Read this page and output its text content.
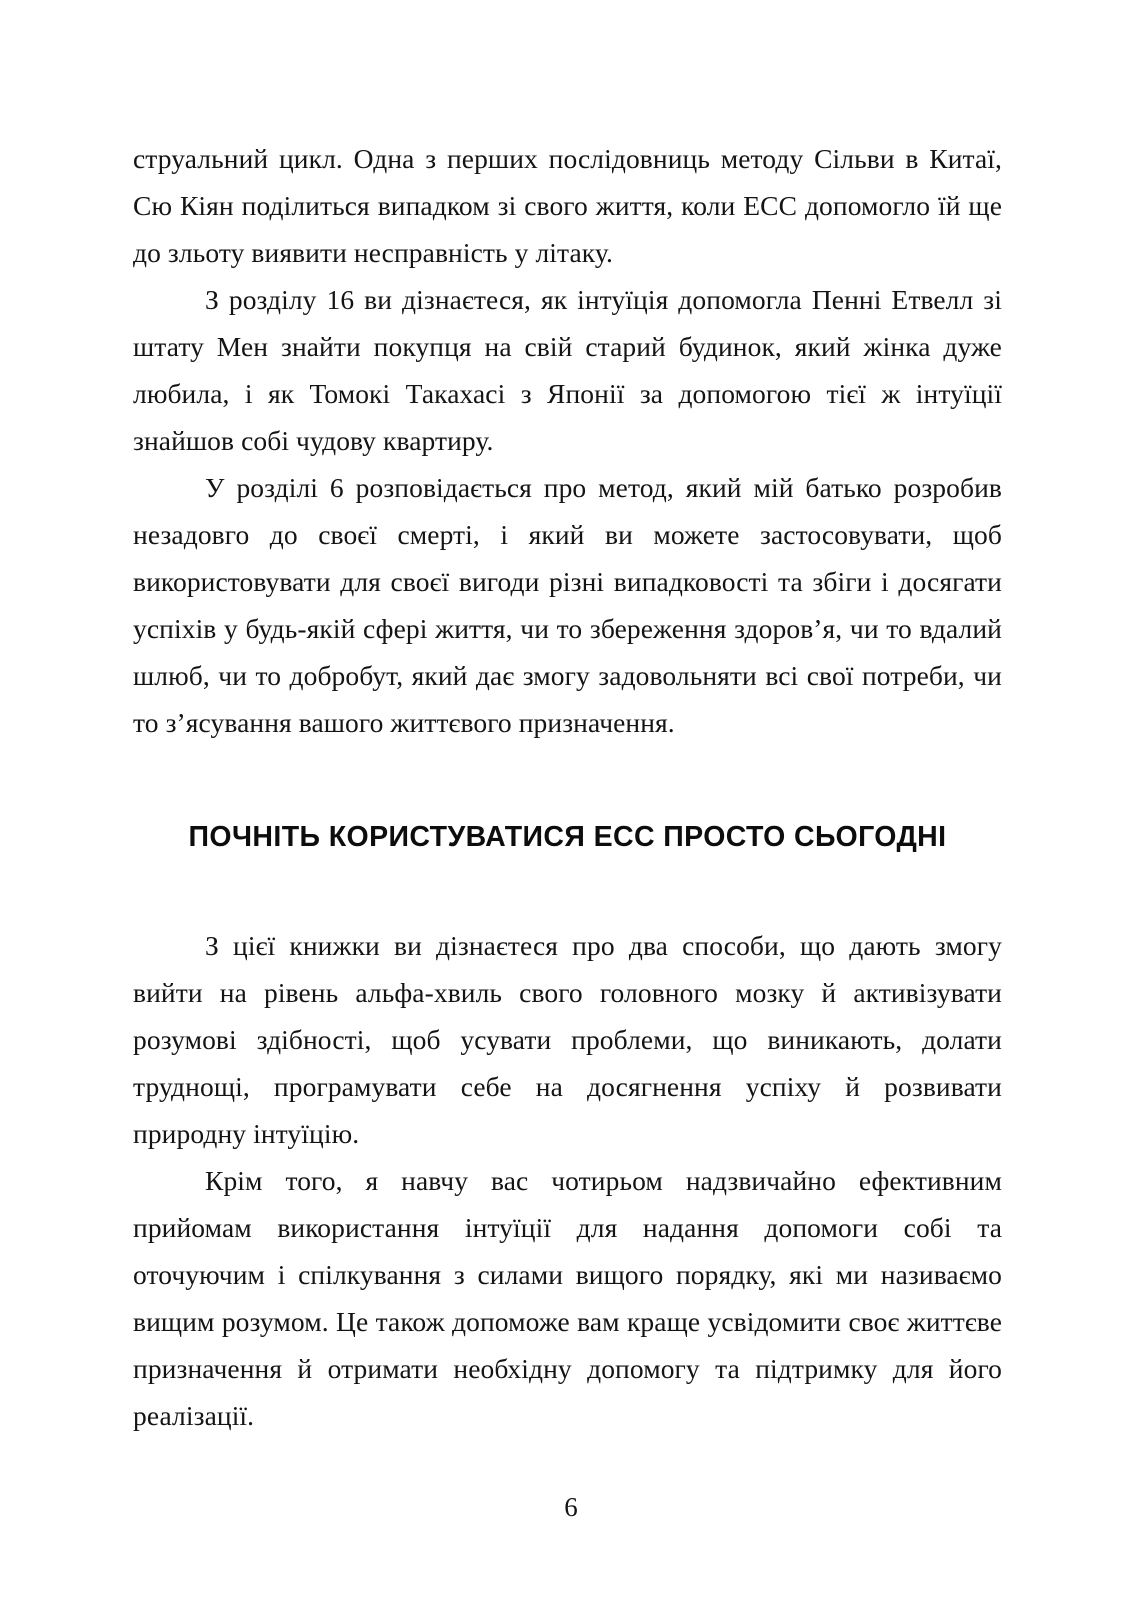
струальний цикл. Одна з перших послідовниць методу Сільви в Китаї, Сю Кіян поділиться випадком зі свого життя, коли ЕСС допомогло їй ще до зльоту виявити несправність у літаку.

З розділу 16 ви дізнаєтеся, як інтуїція допомогла Пенні Етвелл зі штату Мен знайти покупця на свій старий будинок, який жінка дуже любила, і як Томокі Такахасі з Японії за допомогою тієї ж інтуїції знайшов собі чудову квартиру.

У розділі 6 розповідається про метод, який мій батько розробив незадовго до своєї смерті, і який ви можете застосовувати, щоб використовувати для своєї вигоди різні випадковості та збіги і досягати успіхів у будь-якій сфері життя, чи то збереження здоров’я, чи то вдалий шлюб, чи то добробут, який дає змогу задовольняти всі свої потреби, чи то з’ясування вашого життєвого призначення.

ПОЧНІТЬ КОРИСТУВАТИСЯ ЕСС ПРОСТО СЬОГОДНІ

З цієї книжки ви дізнаєтеся про два способи, що дають змогу вийти на рівень альфа-хвиль свого головного мозку й активізувати розумові здібності, щоб усувати проблеми, що виникають, долати труднощі, програмувати себе на досягнення успіху й розвивати природну інтуїцію.

Крім того, я навчу вас чотирьом надзвичайно ефективним прийомам використання інтуїції для надання допомоги собі та оточуючим і спілкування з силами вищого порядку, які ми називаємо вищим розумом. Це також допоможе вам краще усвідомити своє життєве призначення й отримати необхідну допомогу та підтримку для його реалізації.

6
